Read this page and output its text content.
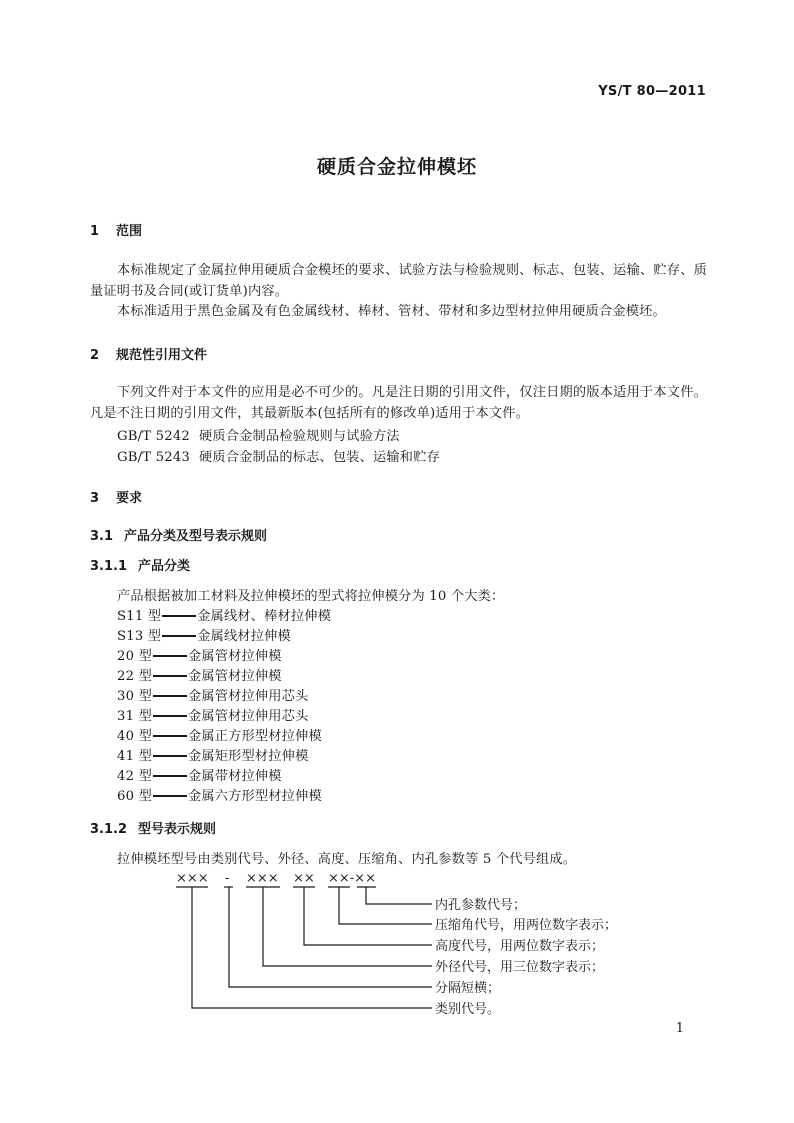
YS/T 80—2011
硬质合金拉伸模坯
1 范围
本标准规定了金属拉伸用硬质合金模坯的要求、试验方法与检验规则、标志、包装、运输、贮存、质量证明书及合同(或订货单)内容。
本标准适用于黑色金属及有色金属线材、棒材、管材、带材和多边型材拉伸用硬质合金模坯。
2 规范性引用文件
下列文件对于本文件的应用是必不可少的。凡是注日期的引用文件，仅注日期的版本适用于本文件。凡是不注日期的引用文件，其最新版本(包括所有的修改单)适用于本文件。
GB/T 5242 硬质合金制品检验规则与试验方法
GB/T 5243 硬质合金制品的标志、包装、运输和贮存
3 要求
3.1 产品分类及型号表示规则
3.1.1 产品分类
产品根据被加工材料及拉伸模坯的型式将拉伸模分为 10 个大类：
S11 型	金属线材、棒材拉伸模
S13 型	金属线材拉伸模
20 型	金属管材拉伸模
22 型	金属管材拉伸模
30 型	金属管材拉伸用芯头
31 型	金属管材拉伸用芯头
40 型	金属正方形型材拉伸模
41 型	金属矩形型材拉伸模
42 型	金属带材拉伸模
60 型	金属六方形型材拉伸模
3.1.2 型号表示规则
拉伸模坯型号由类别代号、外径、高度、压缩角、内孔参数等 5 个代号组成。
××× - ××× ×× ××-××
内孔参数代号；
压缩角代号，用两位数字表示；
高度代号，用两位数字表示；
外径代号，用三位数字表示；
分隔短横；
类别代号。
1
